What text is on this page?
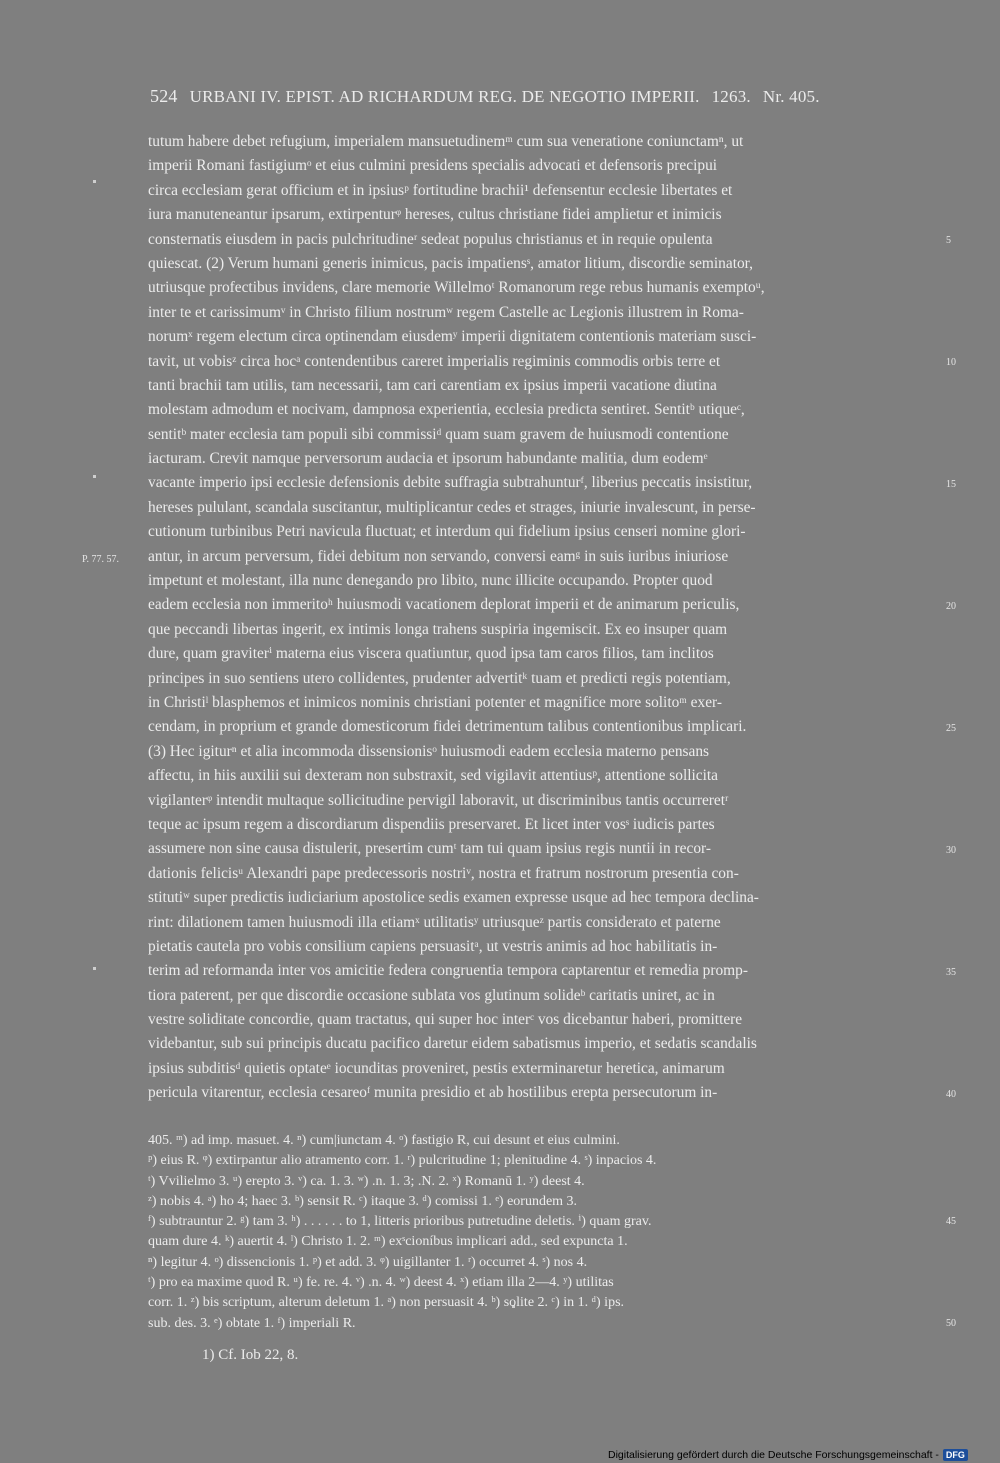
524 URBANI IV. EPIST. AD RICHARDUM REG. DE NEGOTIO IMPERII. 1263. Nr. 405.
tutum habere debet refugium, imperialem mansuetudinemᵐ cum sua veneratione coniunctamⁿ, ut
imperii Romani fastigiumᵒ et eius culmini presidens specialis advocati et defensoris precipui
circa ecclesiam gerat officium et in ipsiusᵖ fortitudine brachii¹ defensentur ecclesie libertates et
iura manuteneantur ipsarum, extirpenturᵠ hereses, cultus christiane fidei amplietur et inimicis
consternatis eiusdem in pacis pulchritudineʳ sedeat populus christianus et in requie opulenta
quiescat. (2) Verum humani generis inimicus, pacis impatiensˢ, amator litium, discordie seminator,
utriusque profectibus invidens, clare memorie Willelmoᵗ Romanorum rege rebus humanis exemptoᵘ,
inter te et carissimumᵛ in Christo filium nostrumʷ regem Castelle ac Legionis illustrem in Roma-
norumˣ regem electum circa optinendam eiusdemʸ imperii dignitatem contentionis materiam susci-
tavit, ut vobisᶻ circa hocᵃ contendentibus careret imperialis regiminis commodis orbis terre et
tanti brachii tam utilis, tam necessarii, tam cari carentiam ex ipsius imperii vacatione diutina
molestam admodum et nocivam, dampnosa experientia, ecclesia predicta sentiret. Sentitᵇ utiqueᶜ,
sentitᵇ mater ecclesia tam populi sibi commissiᵈ quam suam gravem de huiusmodi contentione
iacturam. Crevit namque perversorum audacia et ipsorum habundante malitia, dum eodemᵉ
vacante imperio ipsi ecclesie defensionis debite suffragia subtrahunturᶠ, liberius peccatis insistitur,
hereses pululant, scandala suscitantur, multiplicantur cedes et strages, iniurie invalescunt, in perse-
cutionum turbinibus Petri navicula fluctuat; et interdum qui fidelium ipsius censeri nomine glori-
antur, in arcum perversum, fidei debitum non servando, conversi eamᵍ in suis iuribus iniuriose
impetunt et molestant, illa nunc denegando pro libito, nunc illicite occupando. Propter quod
eadem ecclesia non immeritoʰ huiusmodi vacationem deplorat imperii et de animarum periculis,
que peccandi libertas ingerit, ex intimis longa trahens suspiria ingemiscit. Ex eo insuper quam
dure, quam graviterⁱ materna eius viscera quatiuntur, quod ipsa tam caros filios, tam inclitos
principes in suo sentiens utero collidentes, prudenter advertitᵏ tuam et predicti regis potentiam,
in Christiˡ blasphemos et inimicos nominis christiani potenter et magnifice more solitoᵐ exer-
cendam, in proprium et grande domesticorum fidei detrimentum talibus contentionibus implicari.
(3) Hec igiturⁿ et alia incommoda dissensionisᵒ huiusmodi eadem ecclesia materno pensans
affectu, in hiis auxilii sui dexteram non substraxit, sed vigilavit attentiusᵖ, attentione sollicita
vigilanterᵠ intendit multaque sollicitudine pervigil laboravit, ut discriminibus tantis occurreretʳ
teque ac ipsum regem a discordiarum dispendiis preservaret. Et licet inter vosˢ iudicis partes
assumere non sine causa distulerit, presertim cumᵗ tam tui quam ipsius regis nuntii in recor-
dationis felicisᵘ Alexandri pape predecessoris nostriᵛ, nostra et fratrum nostrorum presentia con-
stitutiʷ super predictis iudiciarium apostolice sedis examen expresse usque ad hec tempora declina-
rint: dilationem tamen huiusmodi illa etiamˣ utilitatisʸ utriusqueᶻ partis considerato et paterne
pietatis cautela pro vobis consilium capiens persuasitᵃ, ut vestris animis ad hoc habilitatis in-
terim ad reformanda inter vos amicitie federa congruentia tempora captarentur et remedia promp-
tiora paterent, per que discordie occasione sublata vos glutinum solideᵇ caritatis uniret, ac in
vestre soliditate concordie, quam tractatus, qui super hoc interᶜ vos dicebantur haberi, promittere
videbantur, sub sui principis ducatu pacifico daretur eidem sabatismus imperio, et sedatis scandalis
ipsius subditisᵈ quietis optateᵉ iocunditas proveniret, pestis exterminaretur heretica, animarum
pericula vitarentur, ecclesia cesareoᶠ munita presidio et ab hostilibus erepta persecutorum in-
5
10
15
20
25
30
35
40
45
50
P. 77. 57.
405. ᵐ) ad imp. masuet. 4. ⁿ) cum|iunctam 4. ᵒ) fastigio R, cui desunt et eius culmini.
ᵖ) eius R. ᵠ) extirpantur alio atramento corr. 1. ʳ) pulcritudine 1; plenitudine 4. ˢ) inpacios 4.
ᵗ) Vvilielmo 3. ᵘ) erepto 3. ᵛ) ca. 1. 3. ʷ) .n. 1. 3; .N. 2. ˣ) Romanū 1. ʸ) deest 4.
ᶻ) nobis 4. ᵃ) ho 4; haec 3. ᵇ) sensit R. ᶜ) itaque 3. ᵈ) comissi 1. ᵉ) eorundem 3.
ᶠ) subtrauntur 2. ᵍ) tam 3. ʰ) . . . . . . to 1, litteris prioribus putretudine deletis. ⁱ) quam grav.
quam dure 4. ᵏ) auertit 4. ˡ) Christo 1. 2. ᵐ) exˢcioníbus implicari add., sed expuncta 1.
ⁿ) legitur 4. ᵒ) dissencionis 1. ᵖ) et add. 3. ᵠ) uigillanter 1. ʳ) occurret 4. ˢ) nos 4.
ᵗ) pro ea maxime quod R. ᵘ) fe. re. 4. ᵛ) .n. 4. ʷ) deest 4. ˣ) etiam illa 2—4. ʸ) utilitas
corr. 1. ᶻ) bis scriptum, alterum deletum 1. ᵃ) non persuasit 4. ᵇ) solite 2. ᶜ) in 1. ᵈ) ips.
sub. des. 3. ᵉ) obtate 1. ᶠ) imperiali R.
1) Cf. Iob 22, 8.
Digitalisierung gefördert durch die Deutsche Forschungsgemeinschaft - DFG
